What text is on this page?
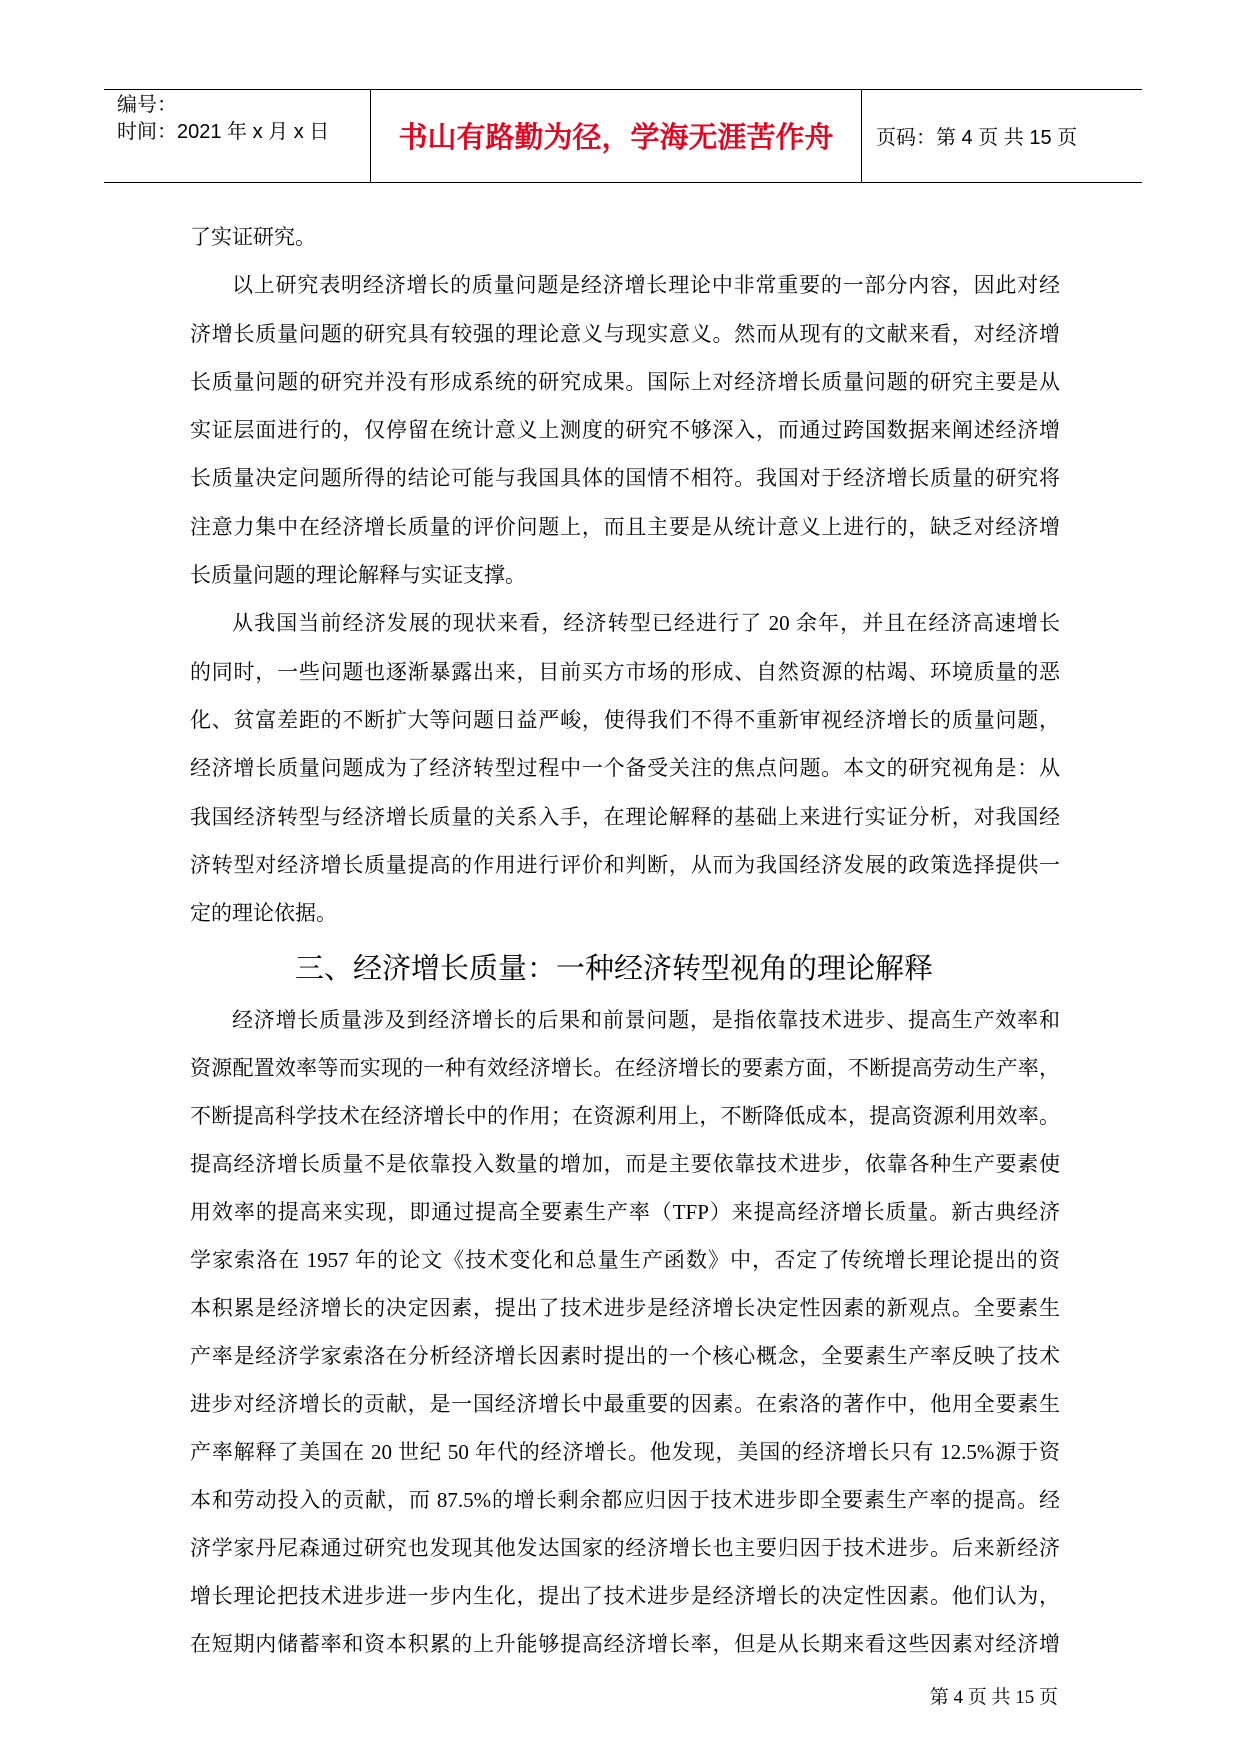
编号：
时间：2021 年 x 月 x 日	书山有路勤为径，学海无涯苦作舟	页码：第 4 页 共 15 页
了实证研究。
以上研究表明经济增长的质量问题是经济增长理论中非常重要的一部分内容，因此对经
济增长质量问题的研究具有较强的理论意义与现实意义。然而从现有的文献来看，对经济增
长质量问题的研究并没有形成系统的研究成果。国际上对经济增长质量问题的研究主要是从
实证层面进行的，仅停留在统计意义上测度的研究不够深入，而通过跨国数据来阐述经济增
长质量决定问题所得的结论可能与我国具体的国情不相符。我国对于经济增长质量的研究将
注意力集中在经济增长质量的评价问题上，而且主要是从统计意义上进行的，缺乏对经济增
长质量问题的理论解释与实证支撑。
从我国当前经济发展的现状来看，经济转型已经进行了 20 余年，并且在经济高速增长
的同时，一些问题也逐渐暴露出来，目前买方市场的形成、自然资源的枯竭、环境质量的恶
化、贫富差距的不断扩大等问题日益严峻，使得我们不得不重新审视经济增长的质量问题，
经济增长质量问题成为了经济转型过程中一个备受关注的焦点问题。本文的研究视角是：从
我国经济转型与经济增长质量的关系入手，在理论解释的基础上来进行实证分析，对我国经
济转型对经济增长质量提高的作用进行评价和判断，从而为我国经济发展的政策选择提供一
定的理论依据。
三、经济增长质量：一种经济转型视角的理论解释
经济增长质量涉及到经济增长的后果和前景问题，是指依靠技术进步、提高生产效率和
资源配置效率等而实现的一种有效经济增长。在经济增长的要素方面，不断提高劳动生产率，
不断提高科学技术在经济增长中的作用；在资源利用上，不断降低成本，提高资源利用效率。
提高经济增长质量不是依靠投入数量的增加，而是主要依靠技术进步，依靠各种生产要素使
用效率的提高来实现，即通过提高全要素生产率（TFP）来提高经济增长质量。新古典经济
学家索洛在 1957 年的论文《技术变化和总量生产函数》中，否定了传统增长理论提出的资
本积累是经济增长的决定因素，提出了技术进步是经济增长决定性因素的新观点。全要素生
产率是经济学家索洛在分析经济增长因素时提出的一个核心概念，全要素生产率反映了技术
进步对经济增长的贡献，是一国经济增长中最重要的因素。在索洛的著作中，他用全要素生
产率解释了美国在 20 世纪 50 年代的经济增长。他发现，美国的经济增长只有 12.5%源于资
本和劳动投入的贡献，而 87.5%的增长剩余都应归因于技术进步即全要素生产率的提高。经
济学家丹尼森通过研究也发现其他发达国家的经济增长也主要归因于技术进步。后来新经济
增长理论把技术进步进一步内生化，提出了技术进步是经济增长的决定性因素。他们认为，
在短期内储蓄率和资本积累的上升能够提高经济增长率，但是从长期来看这些因素对经济增
第 4 页 共 15 页
